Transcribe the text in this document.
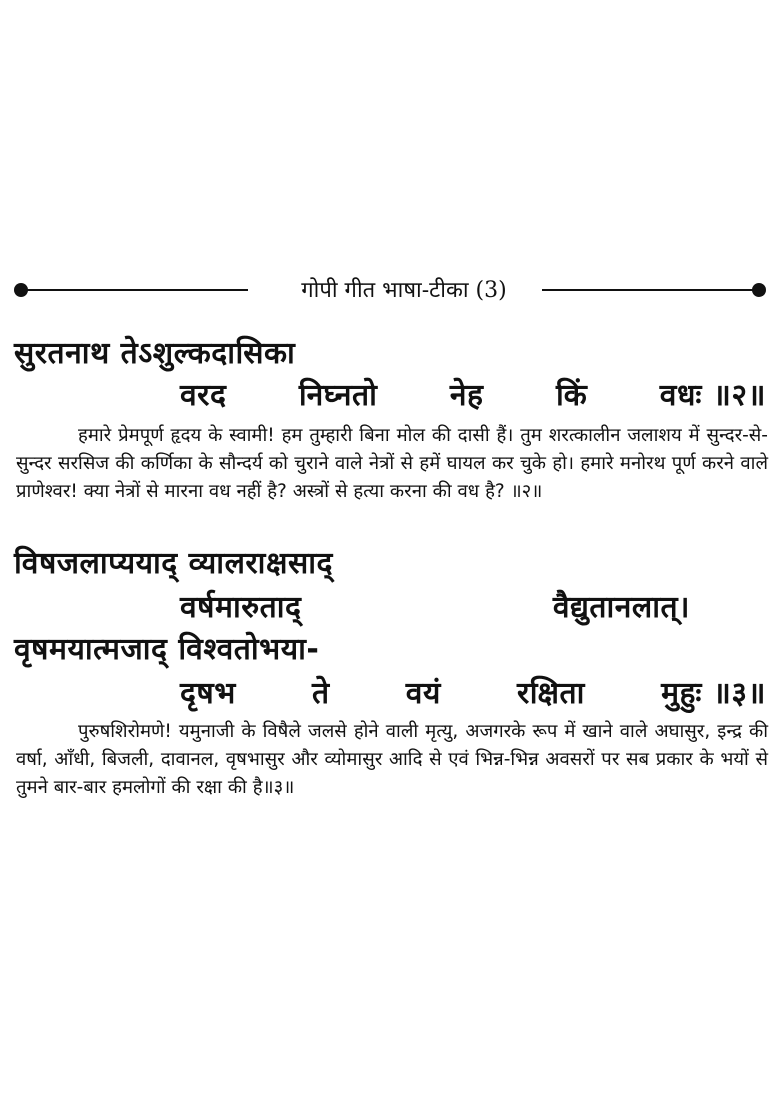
गोपी गीत भाषा-टीका (3)
सुरतनाथ तेऽशुल्कदासिका
वरद निघ्नतो नेह किं वधः ॥२॥
हमारे प्रेमपूर्ण हृदय के स्वामी! हम तुम्हारी बिना मोल की दासी हैं। तुम शरत्कालीन जलाशय में सुन्दर-से-सुन्दर सरसिज की कर्णिका के सौन्दर्य को चुराने वाले नेत्रों से हमें घायल कर चुके हो। हमारे मनोरथ पूर्ण करने वाले प्राणेश्वर! क्या नेत्रों से मारना वध नहीं है? अस्त्रों से हत्या करना की वध है? ॥२॥
विषजलाप्ययाद् व्यालराक्षसाद्
वर्षमारुताद्	वैद्युतानलात्।
वृषमयात्मजाद् विश्वतोभया-
दृषभ	ते	वयं	रक्षिता	मुहुः ॥३॥
पुरुषशिरोमणे! यमुनाजी के विषैले जलसे होने वाली मृत्यु, अजगरके रूप में खाने वाले अघासुर, इन्द्र की वर्षा, आँधी, बिजली, दावानल, वृषभासुर और व्योमासुर आदि से एवं भिन्न-भिन्न अवसरों पर सब प्रकार के भयों से तुमने बार-बार हमलोगों की रक्षा की है॥३॥
